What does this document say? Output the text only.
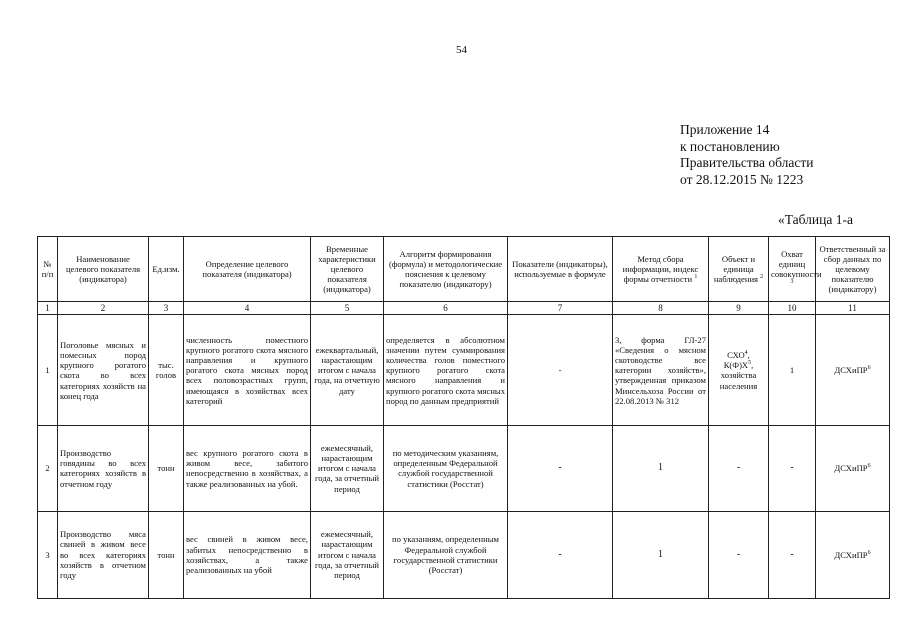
54
Приложение 14
к постановлению
Правительства области
от 28.12.2015 № 1223
«Таблица 1-а
№ п/п	Наименование целевого показателя (индикатора)	Ед.изм.	Определение целевого показателя (индикатора)	Временные характеристики целевого показателя (индикатора)	Алгоритм формирования (формула) и методологические пояснения к целевому показателю (индикатору)	Показатели (индикаторы), используемые в формуле	Метод сбора информации, индекс формы отчетности $^1$	Объект и единица наблюдения $^2$	Охват единиц совокупности $^3$	Ответственный за сбор данных по целевому показателю (индикатору)
1	2	3	4	5	6	7	8	9	10	11
1	Поголовье мясных и помесных пород крупного рогатого скота во всех категориях хозяйств на конец года	тыс. голов	численность поместного крупного рогатого скота мясного направления и крупного рогатого скота мясных пород всех половозрастных групп, имеющаяся в хозяйствах всех категорий	ежеквартальный, нарастающим итогом с начала года, на отчетную дату	определяется в абсолютном значении путем суммирования количества голов поместного крупного рогатого скота мясного направления и крупного рогатого скота мясных пород по данным предприятий	-	3, форма ГЛ-27 «Сведения о мясном скотоводстве все категории хозяйств», утвержденная приказом Минсельхоза России от 22.08.2013 № 312	СХО$^4$,
$К(Ф)Х^5$,
хозяйства населения	1	ДСХиПР$^6$
2	Производство говядины во всех категориях хозяйств в отчетном году	тонн	вес крупного рогатого скота в живом весе, забитого непосредственно в хозяйствах, а также реализованных на убой.	ежемесячный, нарастающим итогом с начала года, за отчетный период	по методическим указаниям, определенным Федеральной службой государственной статистики (Росстат)	-	1	-	-	ДСХиПР$^6$
3	Производство мяса свиней в живом весе во всех категориях хозяйств в отчетном году	тонн	вес свиней в живом весе, забитых непосредственно в хозяйствах, а также реализованных на убой	ежемесячный, нарастающим итогом с начала года, за отчетный период	по указаниям, определенным Федеральной службой государственной статистики (Росстат)	-	1	-	-	ДСХиПР$^6$
